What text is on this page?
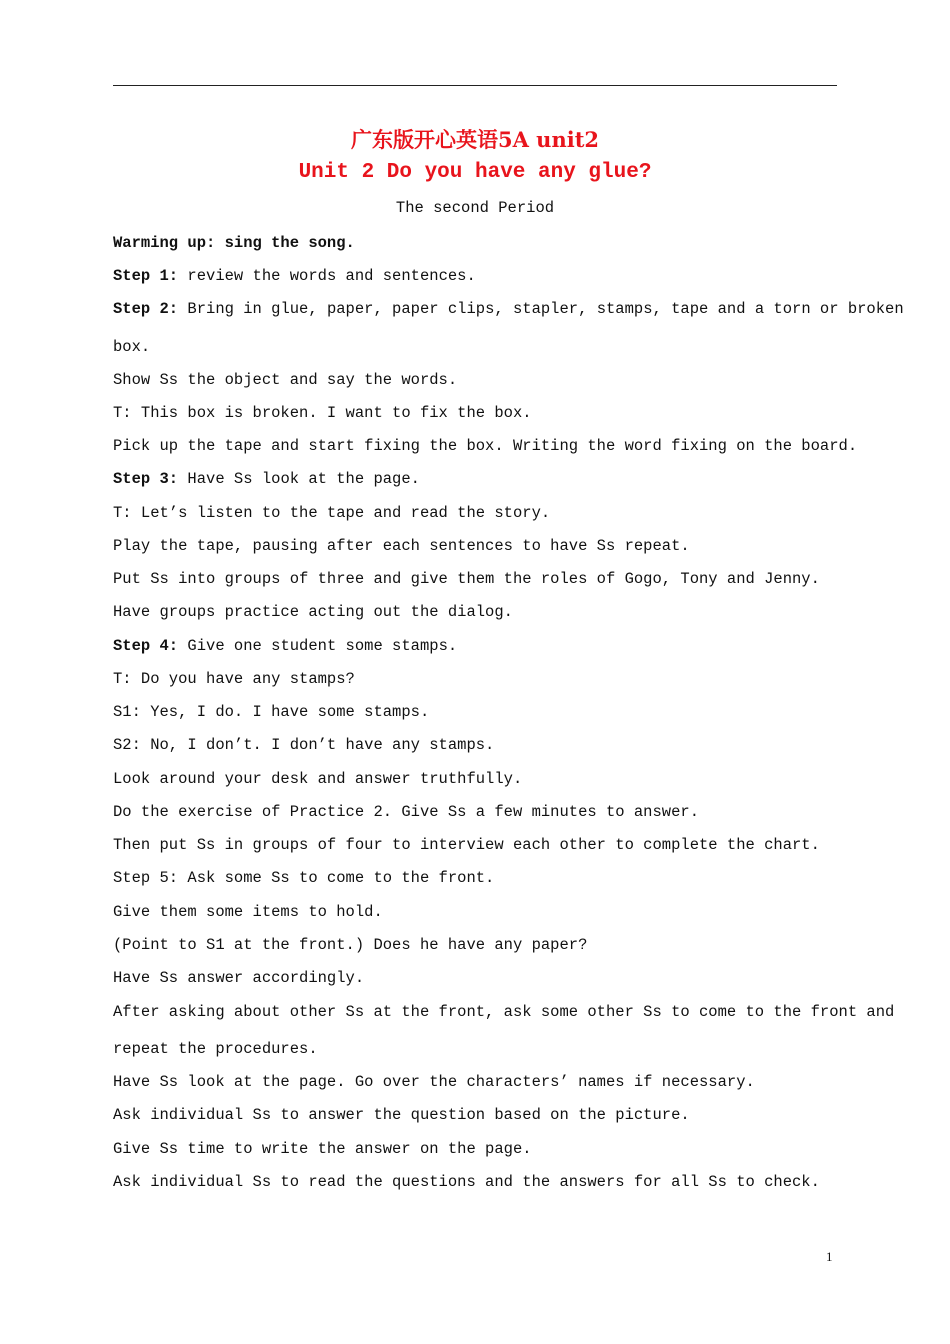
广东版开心英语5A unit2
Unit 2 Do you have any glue?
The second Period
Warming up: sing the song.
Step 1: review the words and sentences.
Step 2: Bring in glue, paper, paper clips, stapler, stamps, tape and a torn or broken
box.
Show Ss the object and say the words.
T: This box is broken. I want to fix the box.
Pick up the tape and start fixing the box. Writing the word fixing on the board.
Step 3: Have Ss look at the page.
T: Let’s listen to the tape and read the story.
Play the tape, pausing after each sentences to have Ss repeat.
Put Ss into groups of three and give them the roles of Gogo, Tony and Jenny.
Have groups practice acting out the dialog.
Step 4: Give one student some stamps.
T: Do you have any stamps?
S1: Yes, I do. I have some stamps.
S2: No, I don’t. I don’t have any stamps.
Look around your desk and answer truthfully.
Do the exercise of Practice 2. Give Ss a few minutes to answer.
Then put Ss in groups of four to interview each other to complete the chart.
Step 5: Ask some Ss to come to the front.
Give them some items to hold.
(Point to S1 at the front.) Does he have any paper?
Have Ss answer accordingly.
After asking about other Ss at the front, ask some other Ss to come to the front and
repeat the procedures.
Have Ss look at the page. Go over the characters’ names if necessary.
Ask individual Ss to answer the question based on the picture.
Give Ss time to write the answer on the page.
Ask individual Ss to read the questions and the answers for all Ss to check.
1
